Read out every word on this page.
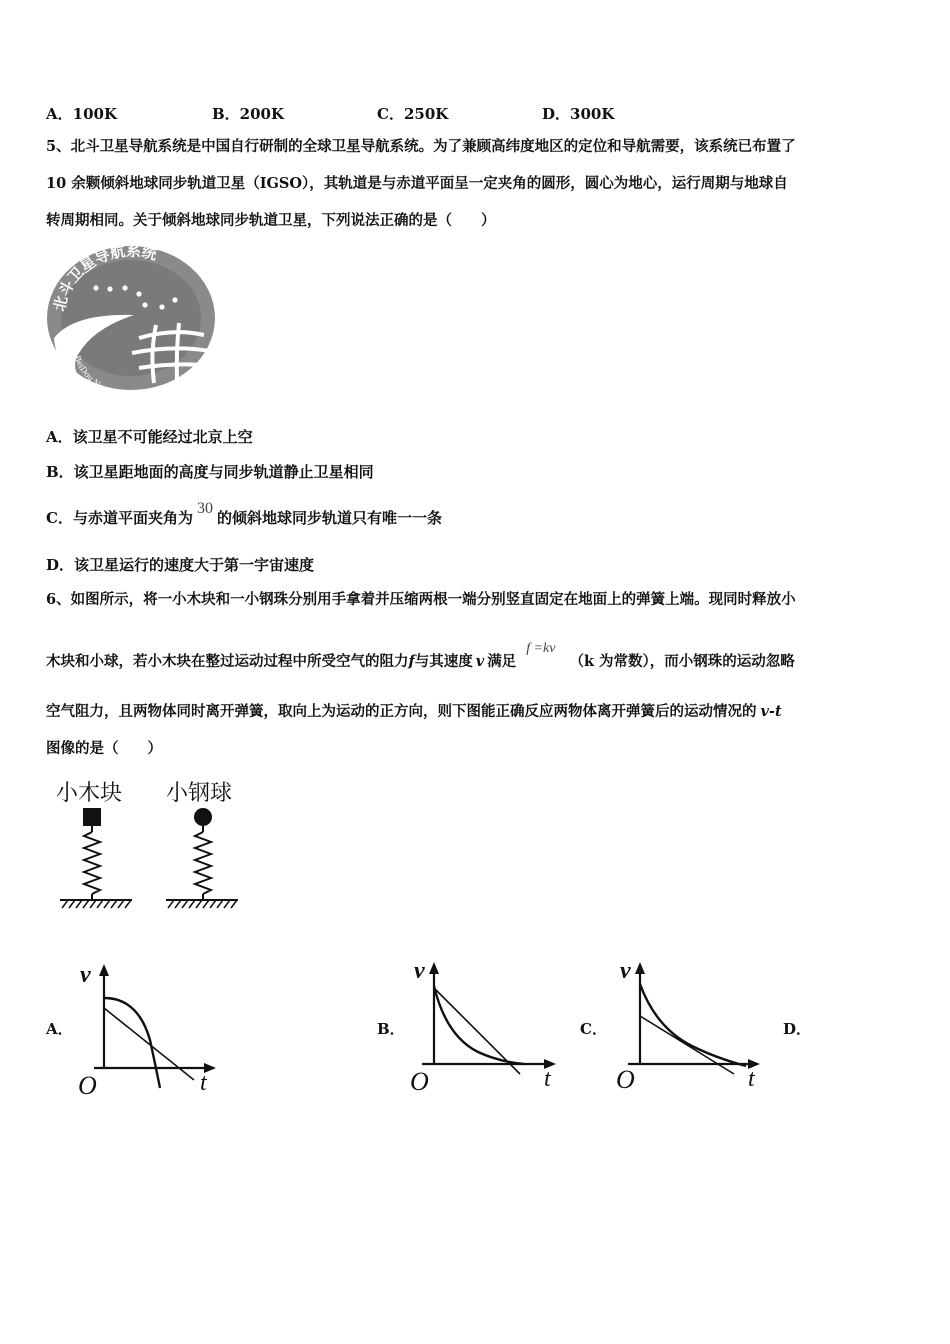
A．100K	B．200K	C．250K	D．300K
5、北斗卫星导航系统是中国自行研制的全球卫星导航系统。为了兼顾高纬度地区的定位和导航需要，该系统已布置了
10 余颗倾斜地球同步轨道卫星（IGSO），其轨道是与赤道平面呈一定夹角的圆形，圆心为地心，运行周期与地球自
转周期相同。关于倾斜地球同步轨道卫星，下列说法正确的是（　　）
北斗卫星导航系统
BeiDou Navig e System
A．该卫星不可能经过北京上空
B．该卫星距地面的高度与同步轨道静止卫星相同
C．与赤道平面夹角为30的倾斜地球同步轨道只有唯一一条
D．该卫星运行的速度大于第一宇宙速度
6、如图所示，将一小木块和一小钢珠分别用手拿着并压缩两根一端分别竖直固定在地面上的弹簧上端。现同时释放小
木块和小球，若小木块在整过运动过程中所受空气的阻力f与其速度 v 满足f =kv（k 为常数），而小钢珠的运动忽略
空气阻力，且两物体同时离开弹簧，取向上为运动的正方向，则下图能正确反应两物体离开弹簧后的运动情况的 v-t
图像的是（　　）
小木块 小钢球
A．	B．	C．	D．
v
t
O
v
t
O
v
t
O
